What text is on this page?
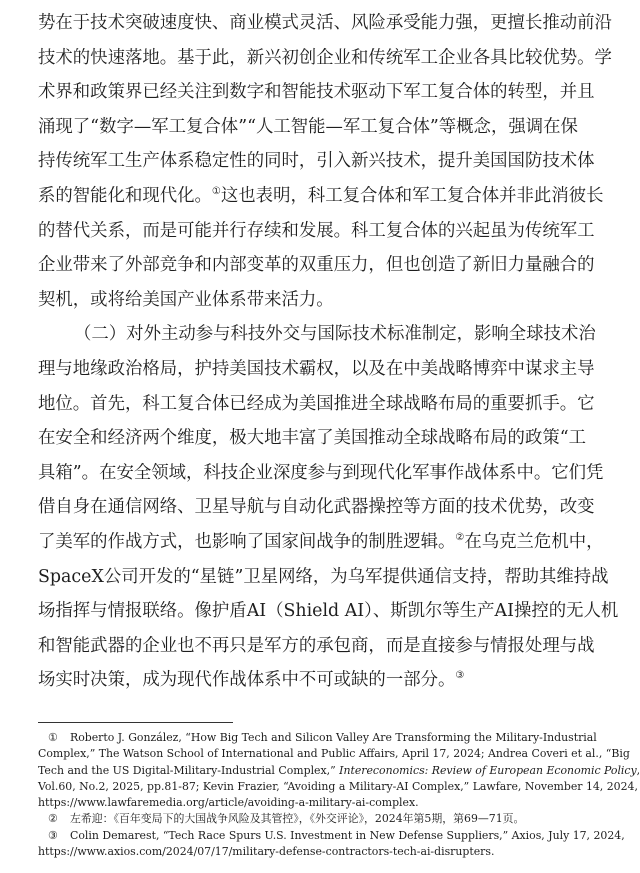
势在于技术突破速度快、商业模式灵活、风险承受能力强，更擅长推动前沿
技术的快速落地。基于此，新兴初创企业和传统军工企业各具比较优势。学
术界和政策界已经关注到数字和智能技术驱动下军工复合体的转型，并且
涌现了“数字—军工复合体”“人工智能—军工复合体”等概念，强调在保
持传统军工生产体系稳定性的同时，引入新兴技术，提升美国国防技术体
系的智能化和现代化。①这也表明，科工复合体和军工复合体并非此消彼长
的替代关系，而是可能并行存续和发展。科工复合体的兴起虽为传统军工
企业带来了外部竞争和内部变革的双重压力，但也创造了新旧力量融合的
契机，或将给美国产业体系带来活力。
（二）对外主动参与科技外交与国际技术标准制定，影响全球技术治
理与地缘政治格局，护持美国技术霸权，以及在中美战略博弈中谋求主导
地位。首先，科工复合体已经成为美国推进全球战略布局的重要抓手。它
在安全和经济两个维度，极大地丰富了美国推动全球战略布局的政策“工
具箱”。在安全领域，科技企业深度参与到现代化军事作战体系中。它们凭
借自身在通信网络、卫星导航与自动化武器操控等方面的技术优势，改变
了美军的作战方式，也影响了国家间战争的制胜逻辑。②在乌克兰危机中，
SpaceX公司开发的“星链”卫星网络，为乌军提供通信支持，帮助其维持战
场指挥与情报联络。像护盾AI（Shield AI）、斯凯尔等生产AI操控的无人机
和智能武器的企业也不再只是军方的承包商，而是直接参与情报处理与战
场实时决策，成为现代作战体系中不可或缺的一部分。③
① Roberto J. González, “How Big Tech and Silicon Valley Are Transforming the Military-Industrial
Complex,” The Watson School of International and Public Affairs, April 17, 2024; Andrea Coveri et al., “Big
Tech and the US Digital-Military-Industrial Complex,” Intereconomics: Review of European Economic Policy,
Vol.60, No.2, 2025, pp.81-87; Kevin Frazier, “Avoiding a Military-AI Complex,” Lawfare, November 14, 2024,
https://www.lawfaremedia.org/article/avoiding-a-military-ai-complex.
② 左希迎：《百年变局下的大国战争风险及其管控》，《外交评论》，2024年第5期，第69—71页。
③ Colin Demarest, “Tech Race Spurs U.S. Investment in New Defense Suppliers,” Axios, July 17, 2024,
https://www.axios.com/2024/07/17/military-defense-contractors-tech-ai-disrupters.
